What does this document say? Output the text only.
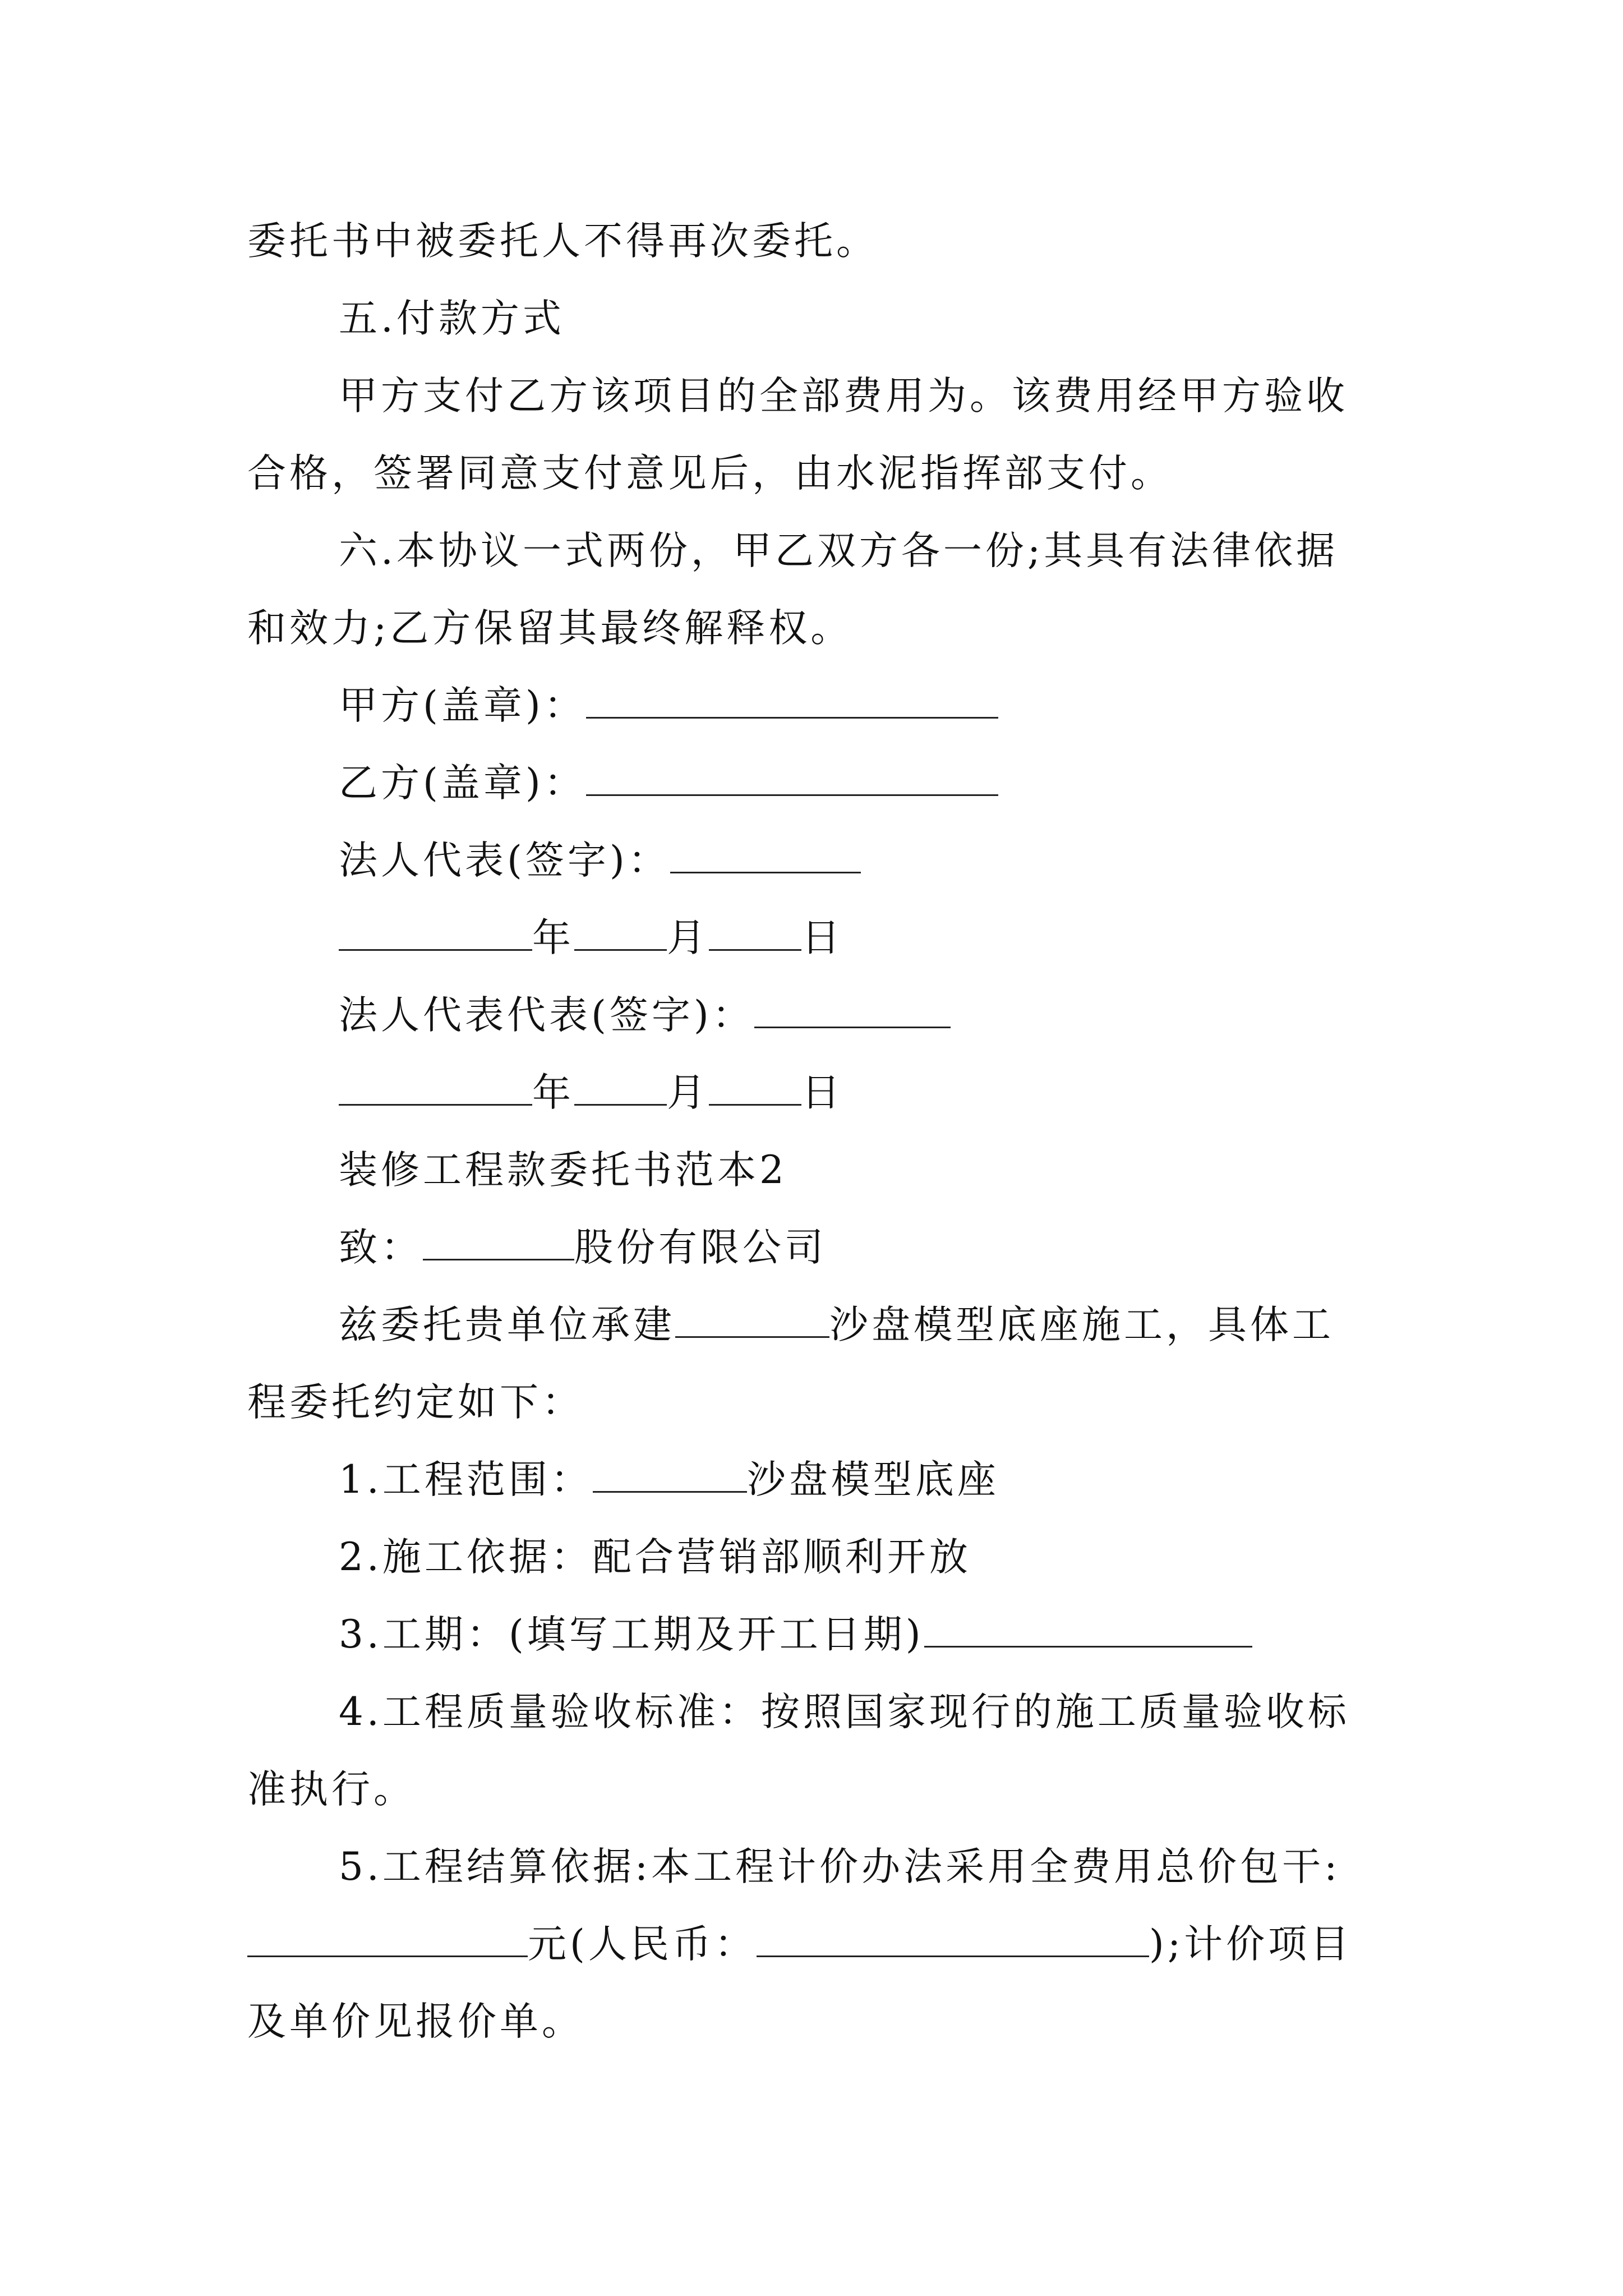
委托书中被委托人不得再次委托。
五.付款方式
甲方支付乙方该项目的全部费用为。该费用经甲方验收
合格，签署同意支付意见后，由水泥指挥部支付。
六.本协议一式两份，甲乙双方各一份;其具有法律依据
和效力;乙方保留其最终解释权。
甲方(盖章)：
乙方(盖章)：
法人代表(签字)：
年 月 日
法人代表代表(签字)：
年 月 日
装修工程款委托书范本2
致：	股份有限公司
兹委托贵单位承建	沙盘模型底座施工，具体工
程委托约定如下：
1.工程范围：	沙盘模型底座
2.施工依据：配合营销部顺利开放
3.工期：(填写工期及开工日期)
4.工程质量验收标准：按照国家现行的施工质量验收标
准执行。
5.工程结算依据:本工程计价办法采用全费用总价包干:
元(人民币：	);计价项目
及单价见报价单。
